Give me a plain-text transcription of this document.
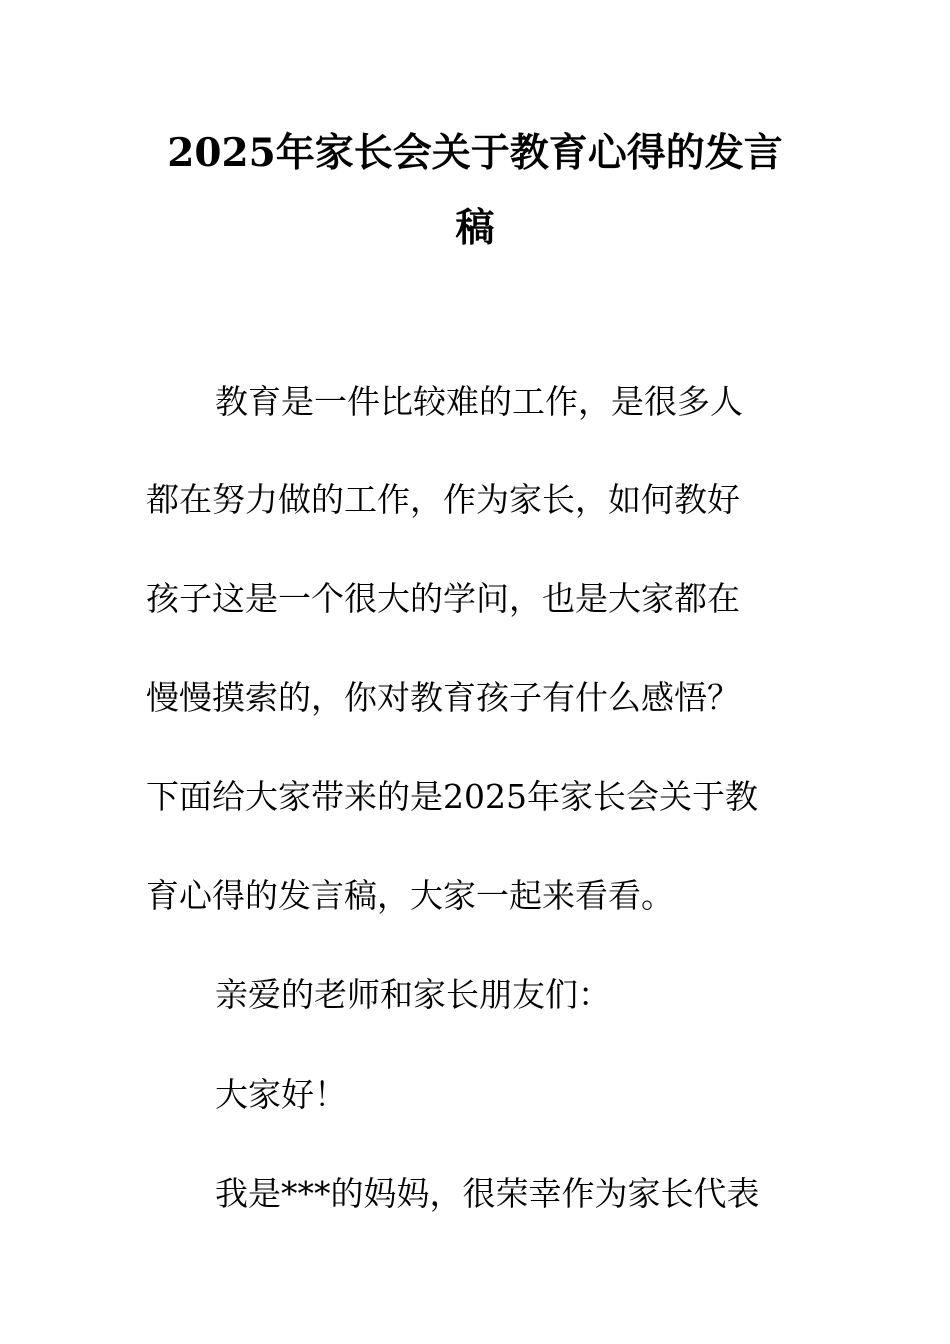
2025年家长会关于教育心得的发言
稿
教育是一件比较难的工作，是很多人
都在努力做的工作，作为家长，如何教好
孩子这是一个很大的学问，也是大家都在
慢慢摸索的，你对教育孩子有什么感悟？
下面给大家带来的是2025年家长会关于教
育心得的发言稿，大家一起来看看。
亲爱的老师和家长朋友们：
大家好！
我是***的妈妈，很荣幸作为家长代表
